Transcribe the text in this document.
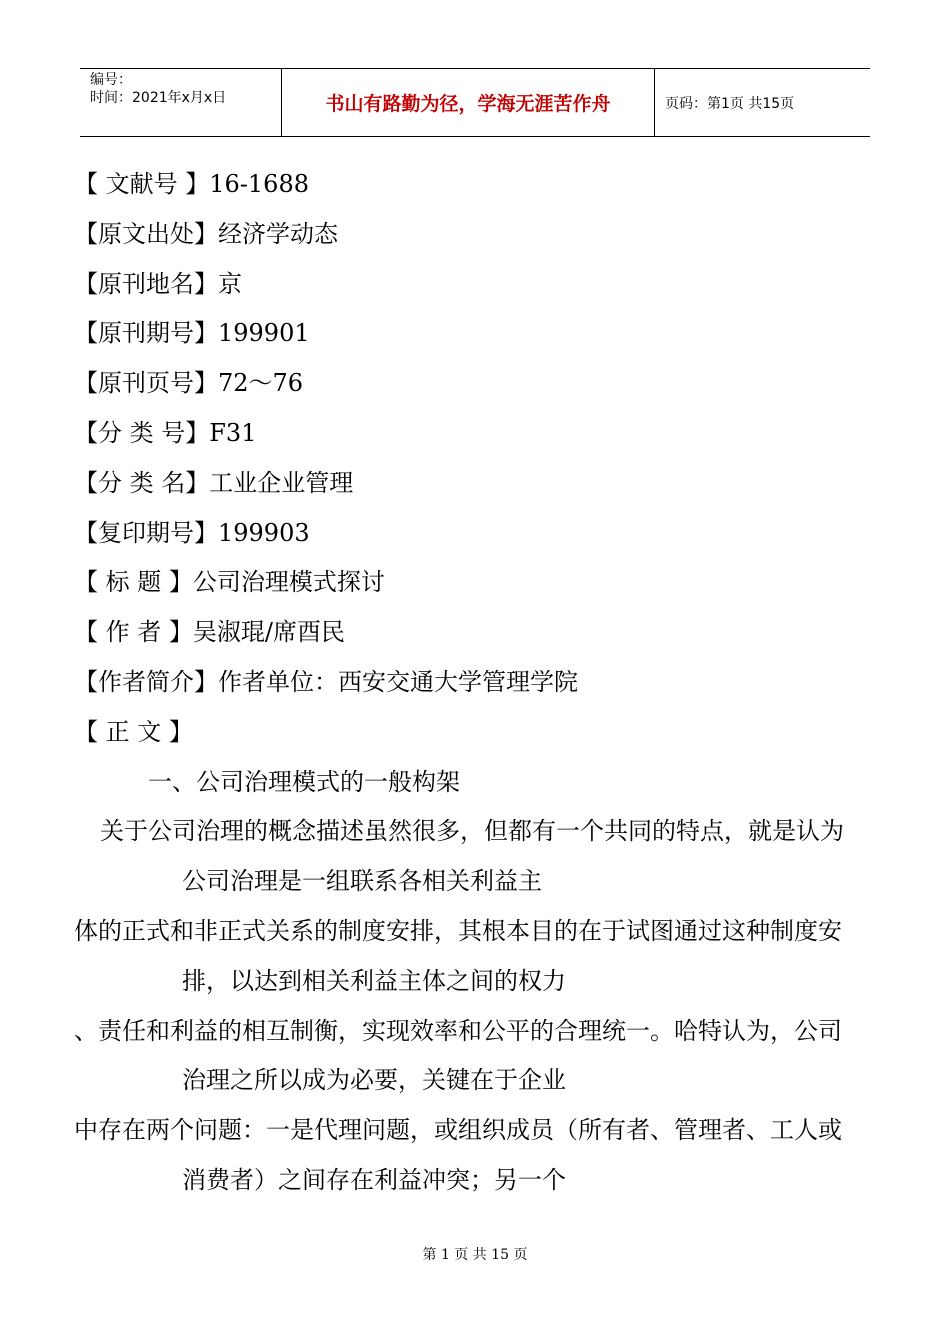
编号：
时间：2021年x月x日	书山有路勤为径，学海无涯苦作舟	页码：第1页 共15页
【 文献号 】16-1688
【原文出处】经济学动态
【原刊地名】京
【原刊期号】199901
【原刊页号】72～76
【分 类 号】F31
【分 类 名】工业企业管理
【复印期号】199903
【 标 题 】公司治理模式探讨
【 作 者 】吴淑琨/席酉民
【作者简介】作者单位：西安交通大学管理学院
【 正 文 】
一、公司治理模式的一般构架
关于公司治理的概念描述虽然很多，但都有一个共同的特点，就是认为
公司治理是一组联系各相关利益主
体的正式和非正式关系的制度安排，其根本目的在于试图通过这种制度安
排，以达到相关利益主体之间的权力
、责任和利益的相互制衡，实现效率和公平的合理统一。哈特认为，公司
治理之所以成为必要，关键在于企业
中存在两个问题：一是代理问题，或组织成员（所有者、管理者、工人或
消费者）之间存在利益冲突；另一个
第 1 页 共 15 页
